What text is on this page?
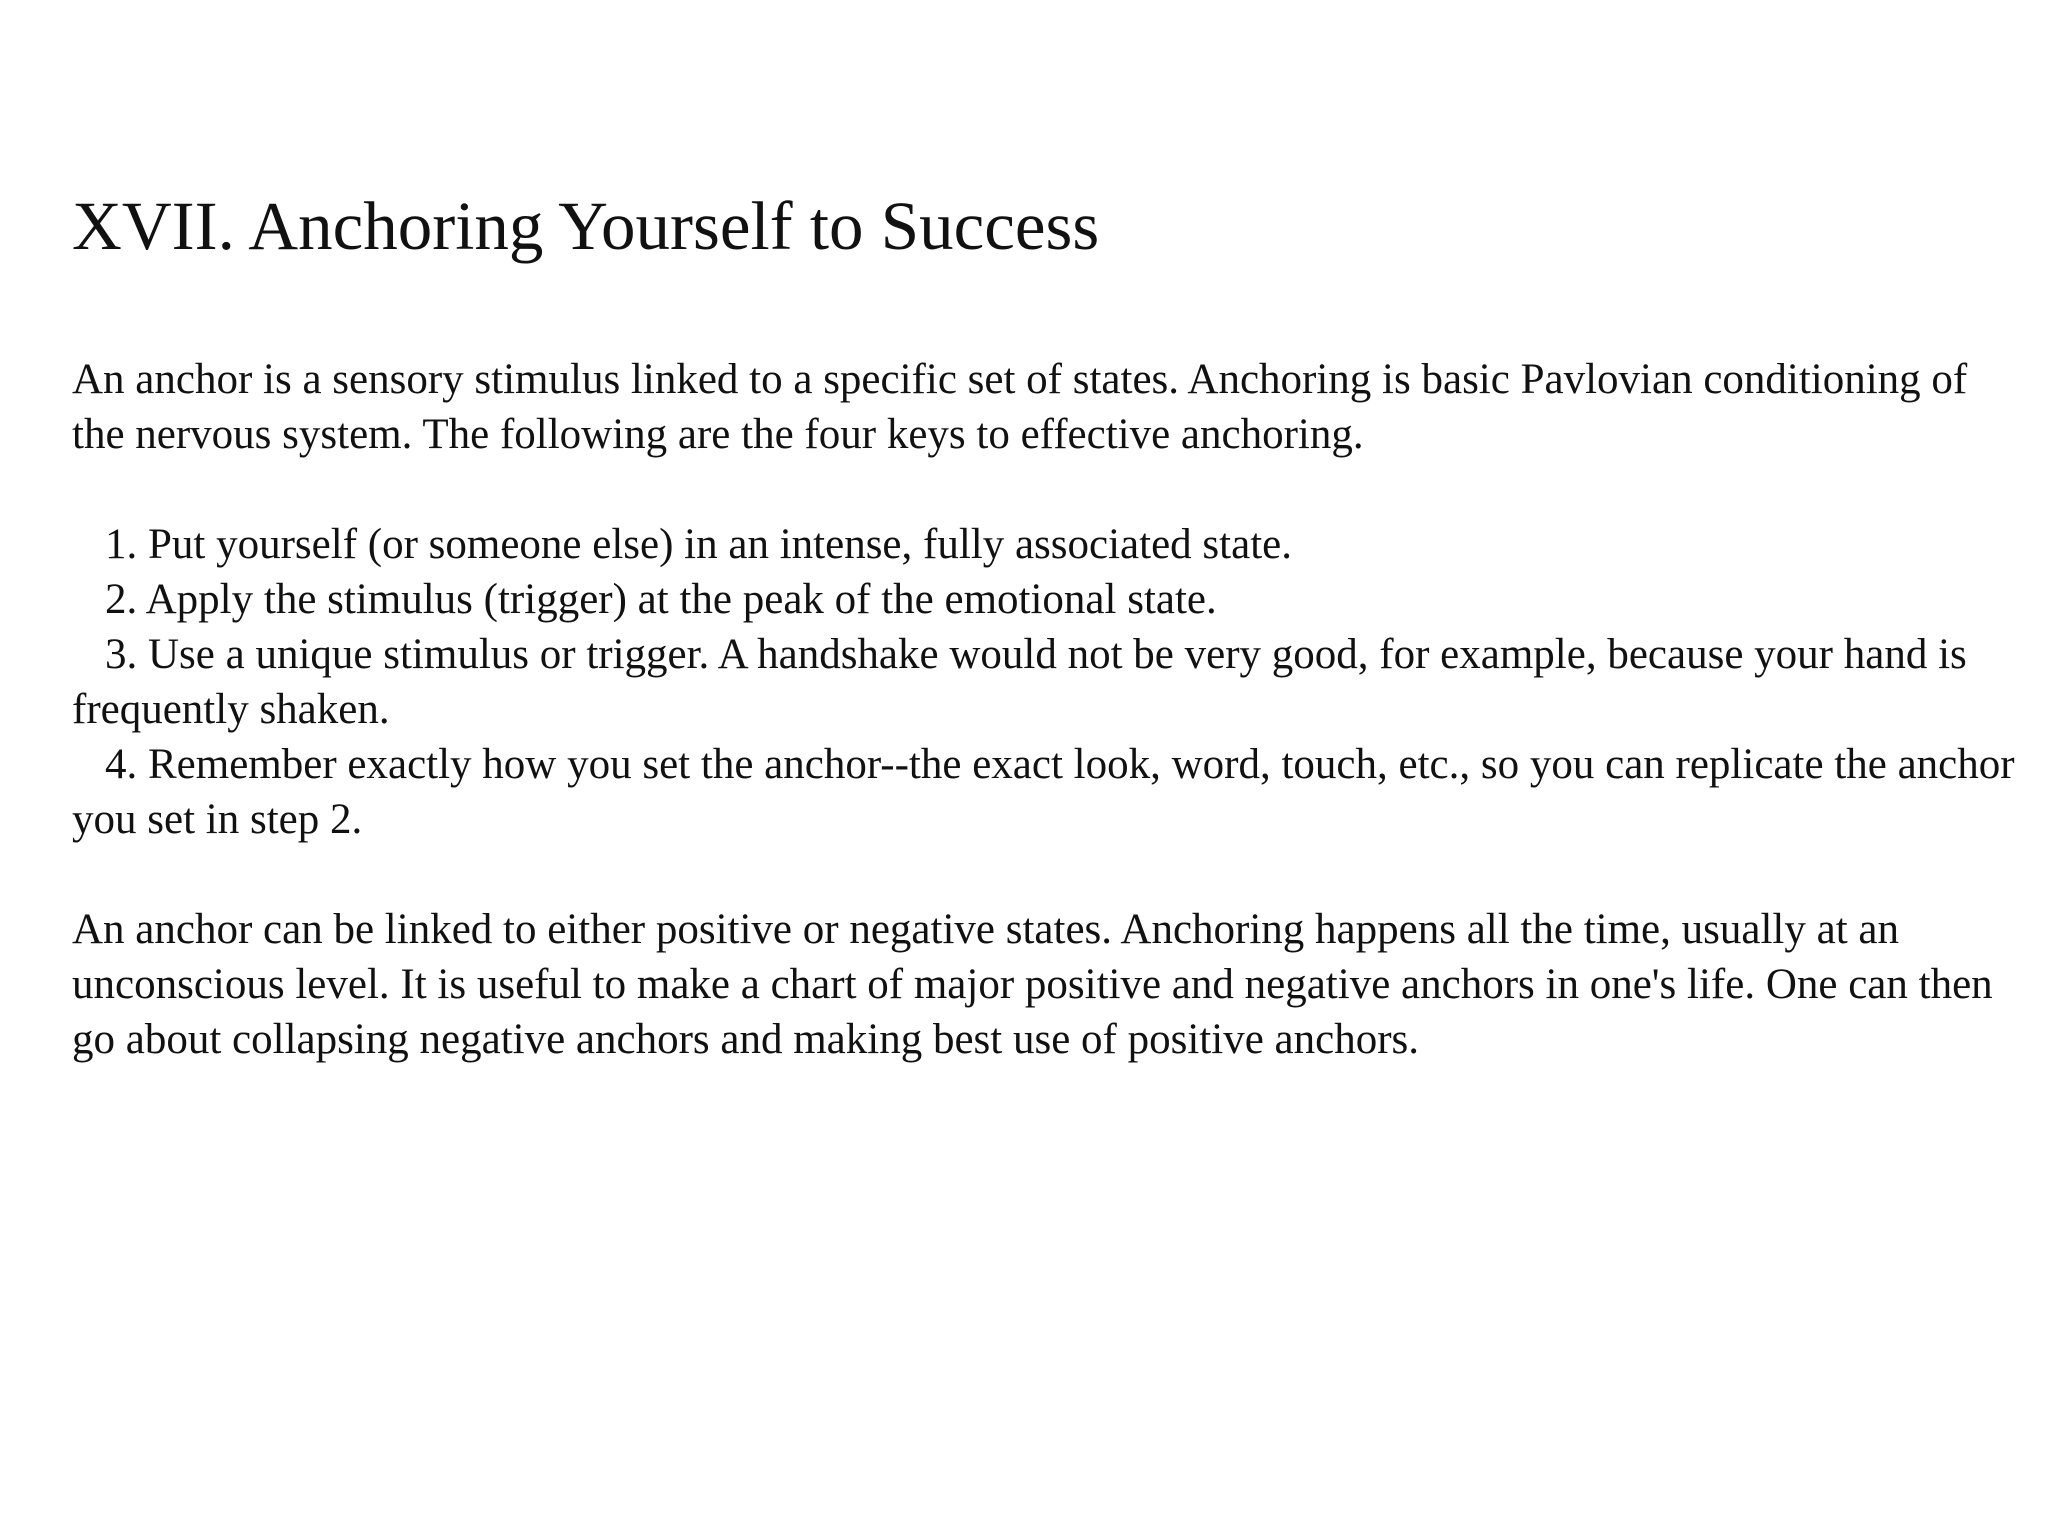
XVII. Anchoring Yourself to Success

An anchor is a sensory stimulus linked to a specific set of states. Anchoring is basic Pavlovian conditioning of the nervous system. The following are the four keys to effective anchoring.

1. Put yourself (or someone else) in an intense, fully associated state.

2. Apply the stimulus (trigger) at the peak of the emotional state.

3. Use a unique stimulus or trigger. A handshake would not be very good, for example, because your hand is frequently shaken.

4. Remember exactly how you set the anchor--the exact look, word, touch, etc., so you can replicate the anchor you set in step 2.

An anchor can be linked to either positive or negative states. Anchoring happens all the time, usually at an unconscious level. It is useful to make a chart of major positive and negative anchors in one's life. One can then go about collapsing negative anchors and making best use of positive anchors.
